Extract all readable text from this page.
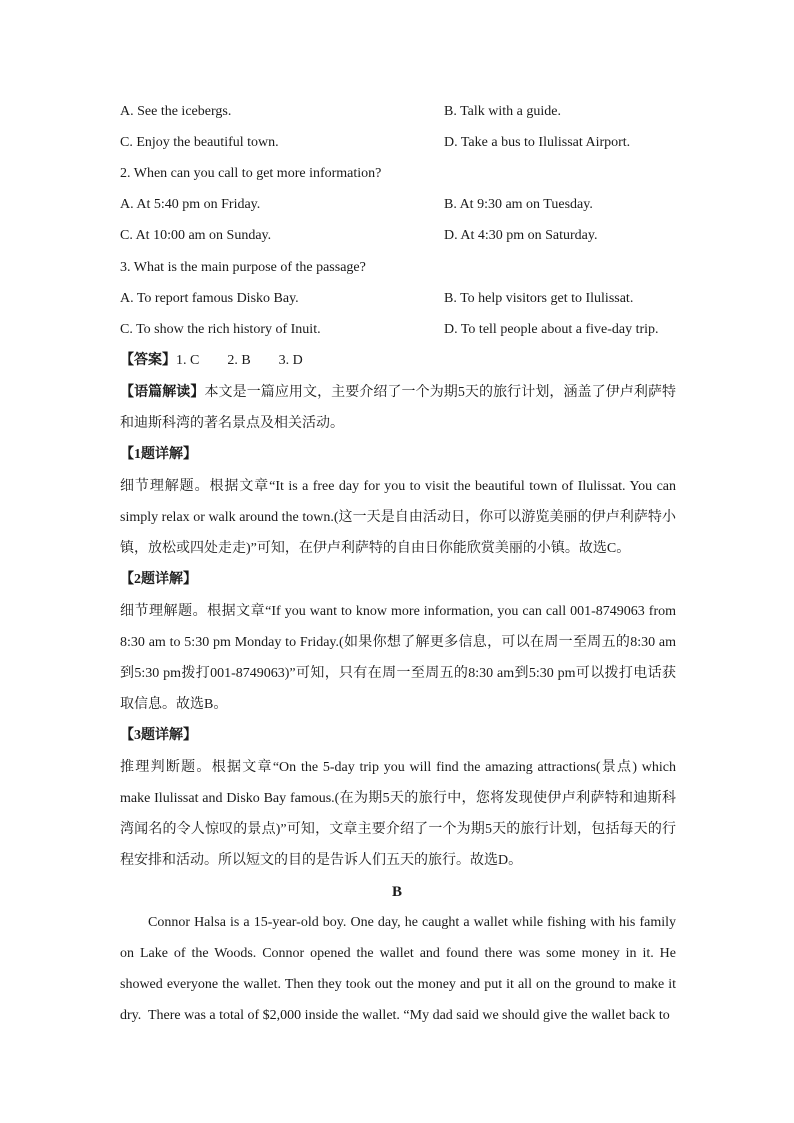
A. See the icebergs.	B. Talk with a guide.
C. Enjoy the beautiful town.	D. Take a bus to Ilulissat Airport.
2. When can you call to get more information?
A. At 5:40 pm on Friday.	B. At 9:30 am on Tuesday.
C. At 10:00 am on Sunday.	D. At 4:30 pm on Saturday.
3. What is the main purpose of the passage?
A. To report famous Disko Bay.	B. To help visitors get to Ilulissat.
C. To show the rich history of Inuit.	D. To tell people about a five-day trip.
【答案】1. C        2. B        3. D
【语篇解读】本文是一篇应用文，主要介绍了一个为期5天的旅行计划，涵盖了伊卢利萨特和迪斯科湾的著名景点及相关活动。
【1题详解】
细节理解题。根据文章“It is a free day for you to visit the beautiful town of Ilulissat. You can simply relax or walk around the town.(这一天是自由活动日，你可以游览美丽的伊卢利萨特小镇，放松或四处走走)”可知，在伊卢利萨特的自由日你能欣赏美丽的小镇。故选C。
【2题详解】
细节理解题。根据文章“If you want to know more information, you can call 001-8749063 from 8:30 am to 5:30 pm Monday to Friday.(如果你想了解更多信息，可以在周一至周五的8:30 am到5:30 pm拨打001-8749063)”可知，只有在周一至周五的8:30 am到5:30 pm可以拨打电话获取信息。故选B。
【3题详解】
推理判断题。根据文章“On the 5-day trip you will find the amazing attractions(景点) which make Ilulissat and Disko Bay famous.(在为期5天的旅行中，您将发现使伊卢利萨特和迪斯科湾闻名的令人惊叹的景点)”可知，文章主要介绍了一个为期5天的旅行计划，包括每天的行程安排和活动。所以短文的目的是告诉人们五天的旅行。故选D。
B
Connor Halsa is a 15-year-old boy. One day, he caught a wallet while fishing with his family on Lake of the Woods. Connor opened the wallet and found there was some money in it. He showed everyone the wallet. Then they took out the money and put it all on the ground to make it dry. There was a total of $2,000 inside the wallet. “My dad said we should give the wallet back to
